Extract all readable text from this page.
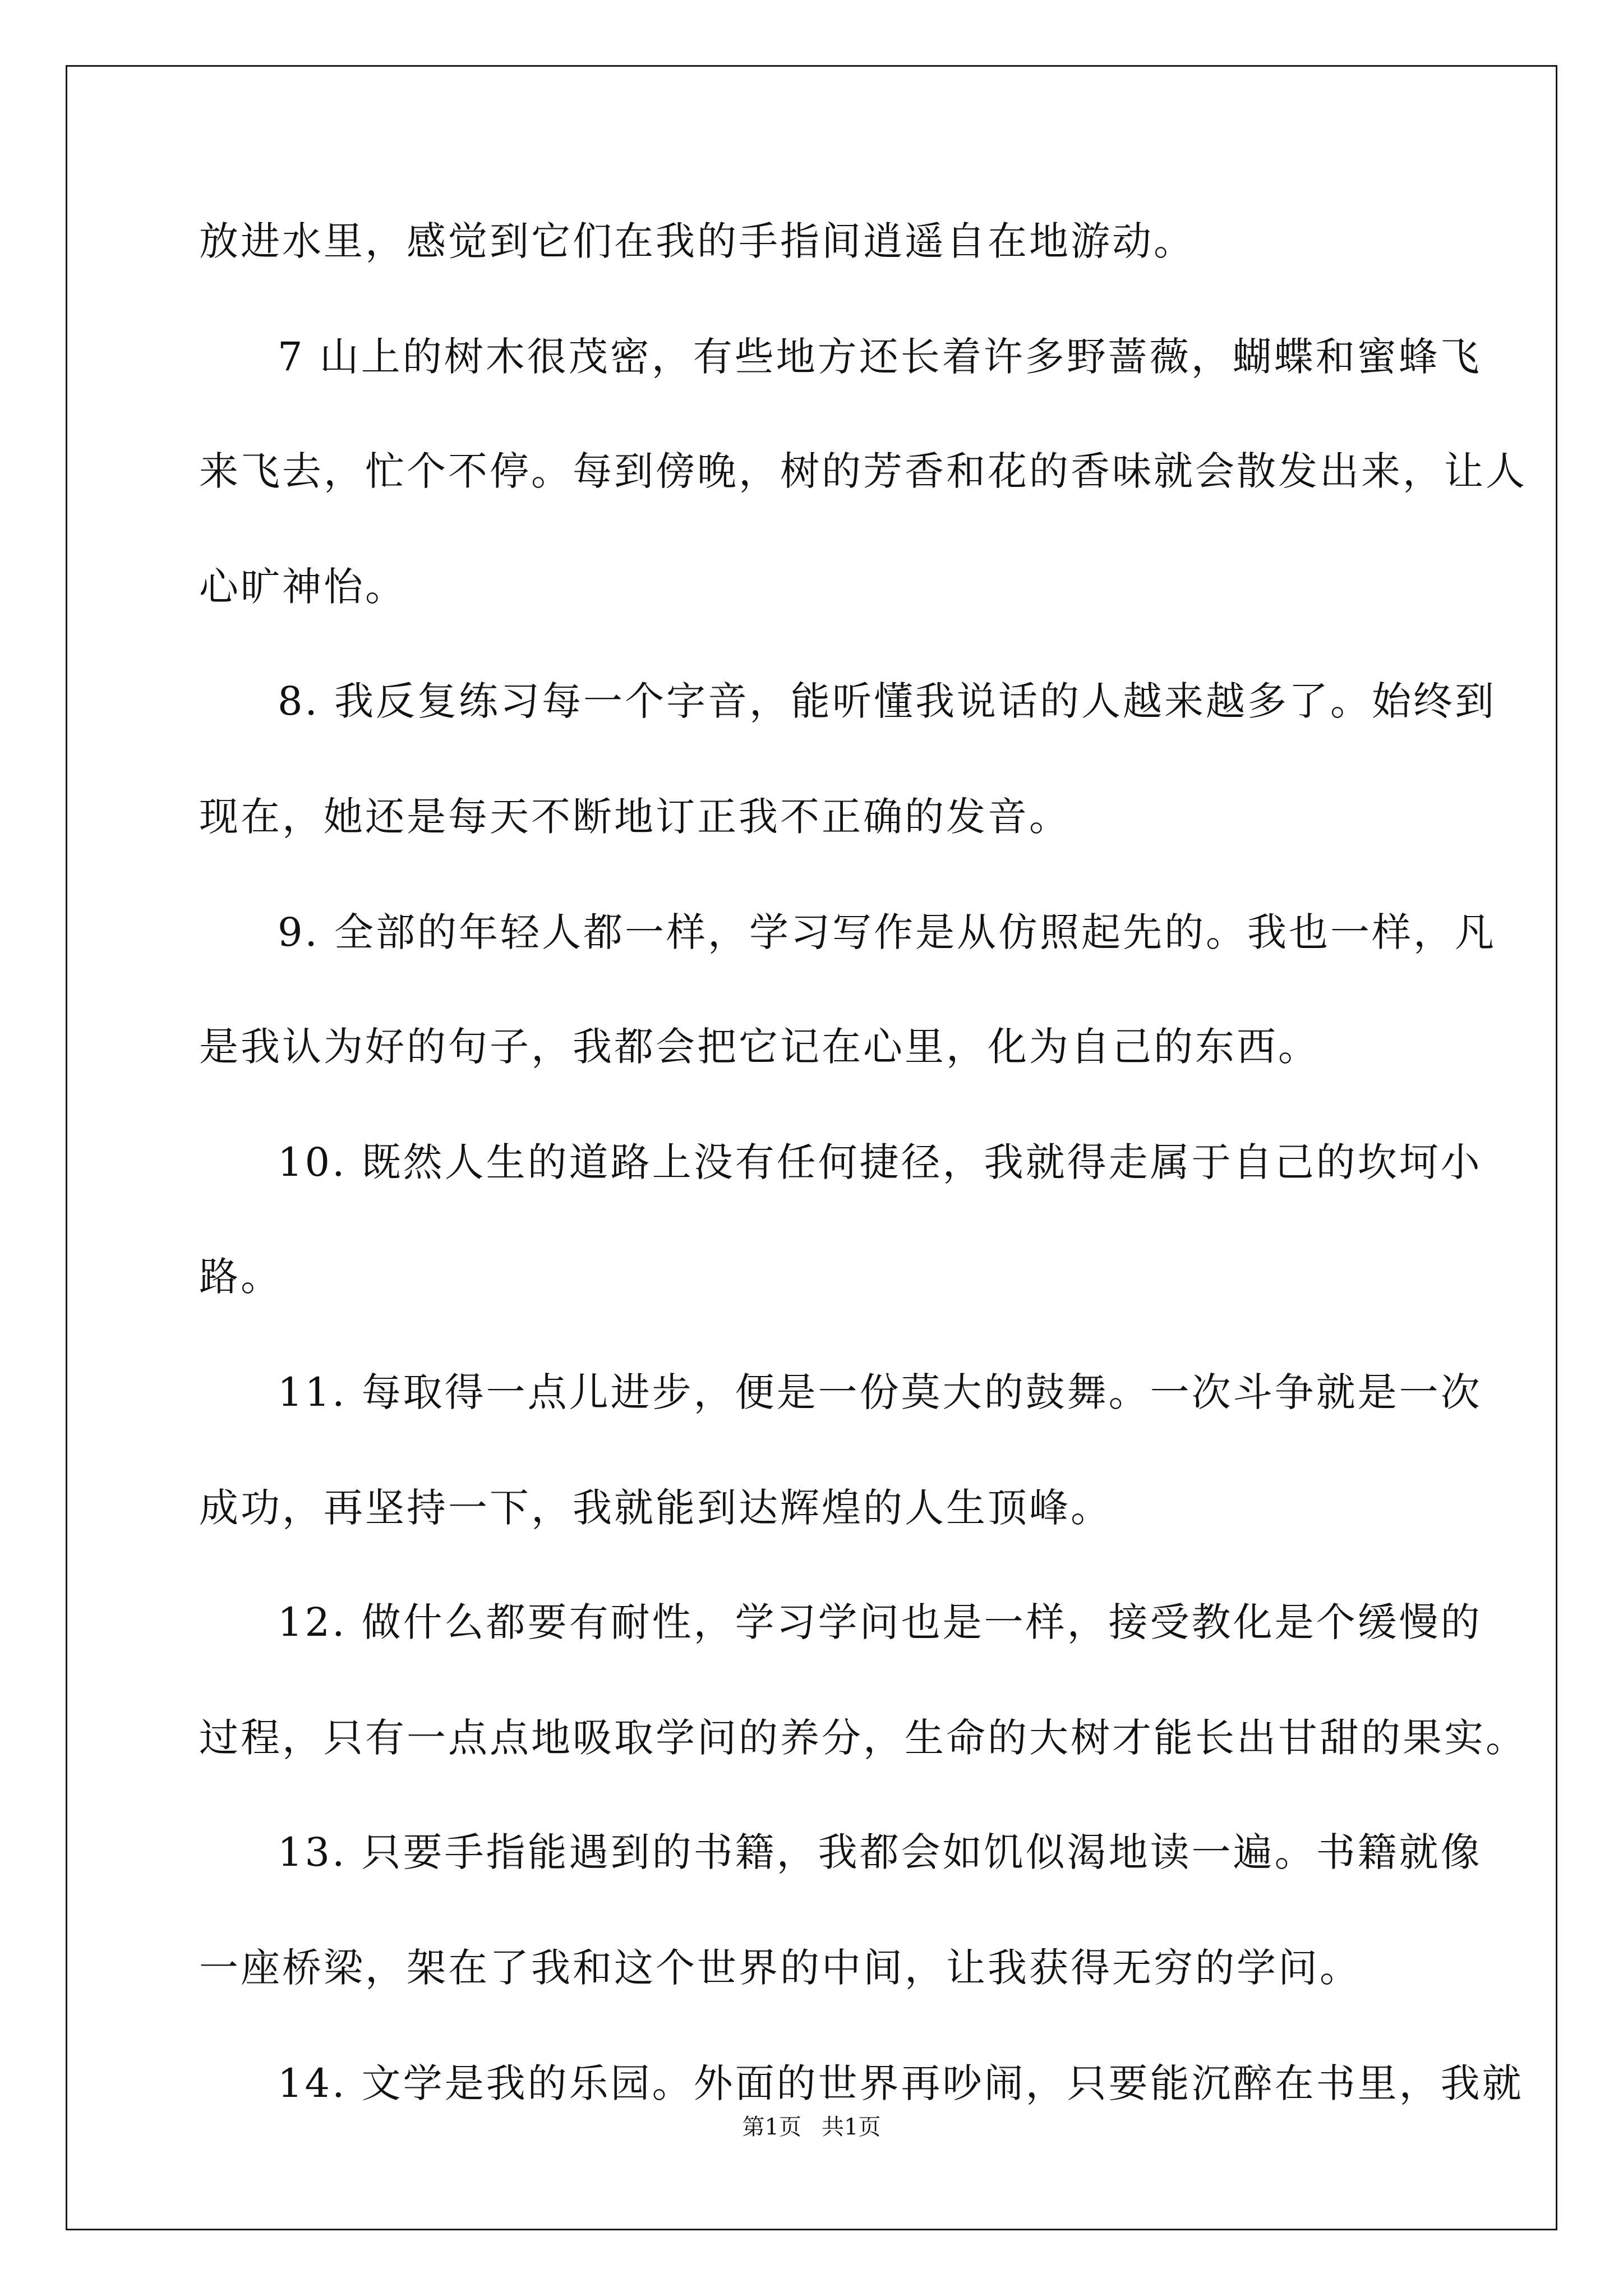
放进水里，感觉到它们在我的手指间逍遥自在地游动。
7 山上的树木很茂密，有些地方还长着许多野蔷薇，蝴蝶和蜜蜂飞
来飞去，忙个不停。每到傍晚，树的芳香和花的香味就会散发出来，让人
心旷神怡。
8. 我反复练习每一个字音，能听懂我说话的人越来越多了。始终到
现在，她还是每天不断地订正我不正确的发音。
9. 全部的年轻人都一样，学习写作是从仿照起先的。我也一样，凡
是我认为好的句子，我都会把它记在心里，化为自己的东西。
10. 既然人生的道路上没有任何捷径，我就得走属于自己的坎坷小
路。
11. 每取得一点儿进步，便是一份莫大的鼓舞。一次斗争就是一次
成功，再坚持一下，我就能到达辉煌的人生顶峰。
12. 做什么都要有耐性，学习学问也是一样，接受教化是个缓慢的
过程，只有一点点地吸取学问的养分，生命的大树才能长出甘甜的果实。
13. 只要手指能遇到的书籍，我都会如饥似渴地读一遍。书籍就像
一座桥梁，架在了我和这个世界的中间，让我获得无穷的学问。
14. 文学是我的乐园。外面的世界再吵闹，只要能沉醉在书里，我就
第1页 共1页
